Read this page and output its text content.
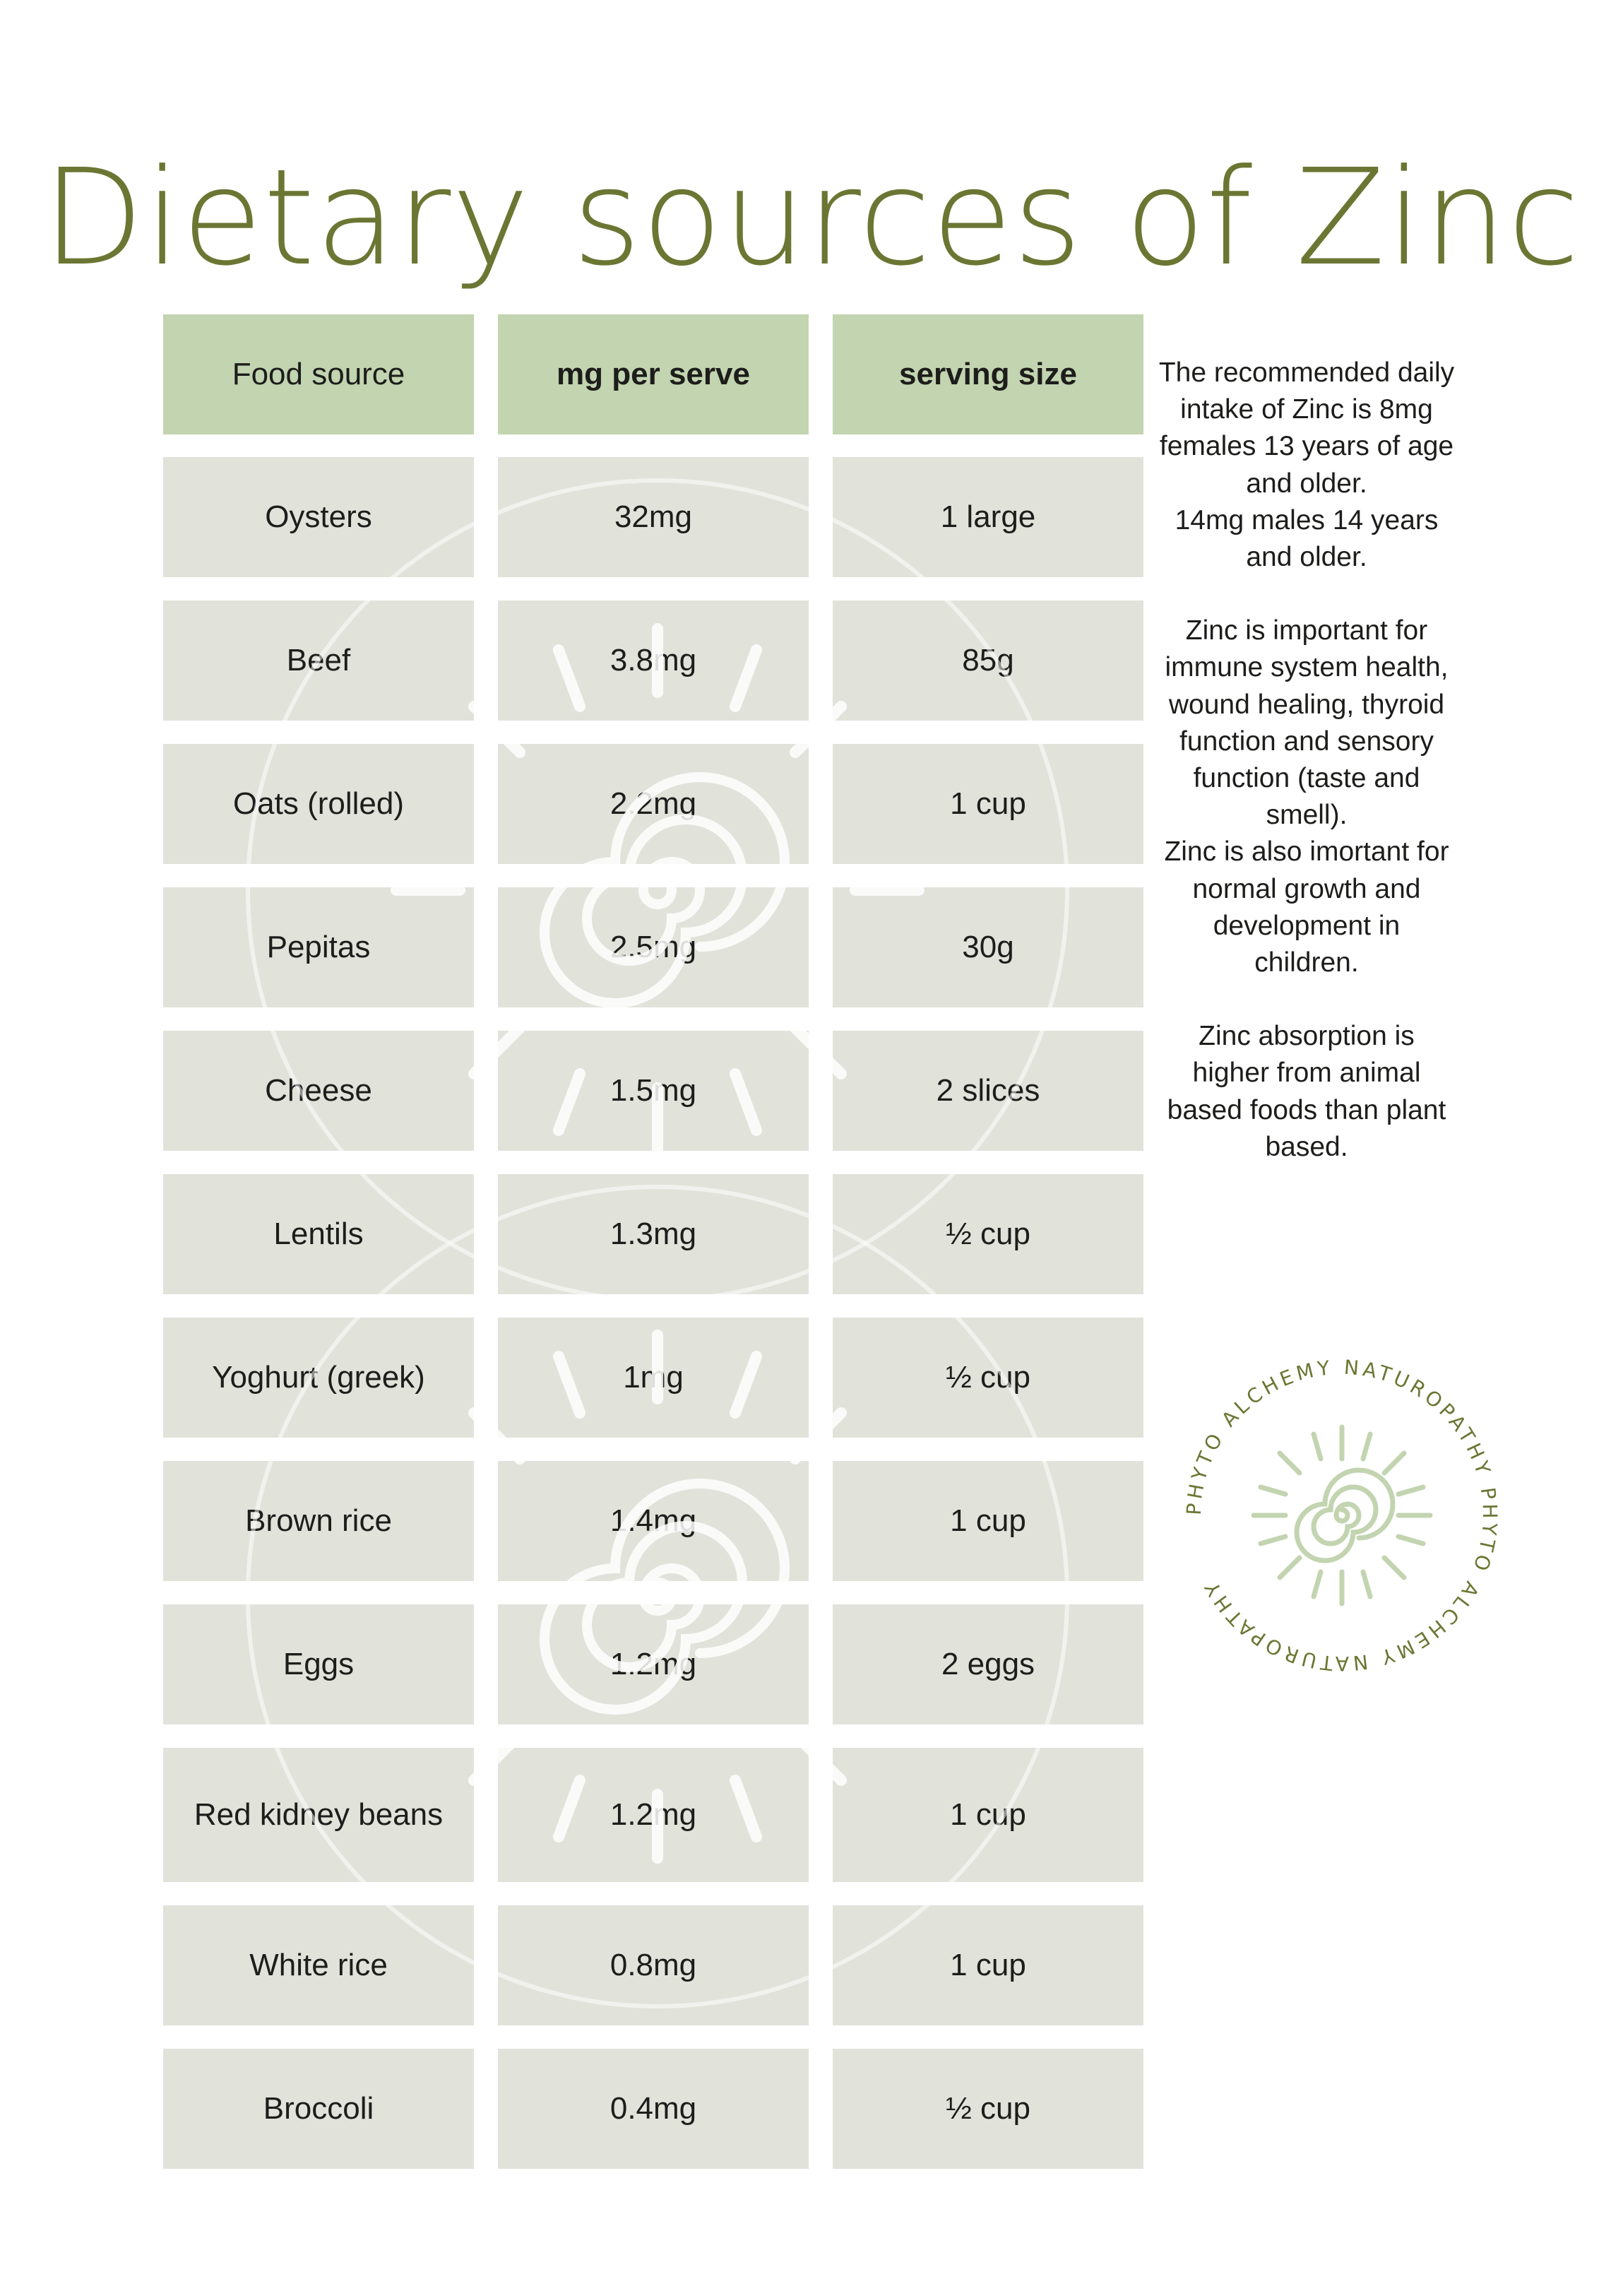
Dietary sources of Zinc
Food source	mg per serve	serving size
Oysters	32mg	1 large
Beef	3.8mg	85g
Oats (rolled)	2.2mg	1 cup
Pepitas	2.5mg	30g
Cheese	1.5mg	2 slices
Lentils	1.3mg	½ cup
Yoghurt (greek)	1mg	½ cup
Brown rice	1.4mg	1 cup
Eggs	1.2mg	2 eggs
Red kidney beans	1.2mg	1 cup
White rice	0.8mg	1 cup
Broccoli	0.4mg	½ cup

The recommended daily intake of Zinc is 8mg females 13 years of age and older.

14mg males 14 years and older.

Zinc is important for immune system health, wound healing, thyroid function and sensory function (taste and smell).

Zinc is also imortant for normal growth and development in children.

Zinc absorption is higher from animal based foods than plant based.

PHYTO ALCHEMY NATUROPATHY PHYTO ALCHEMY NATUROPATHY
